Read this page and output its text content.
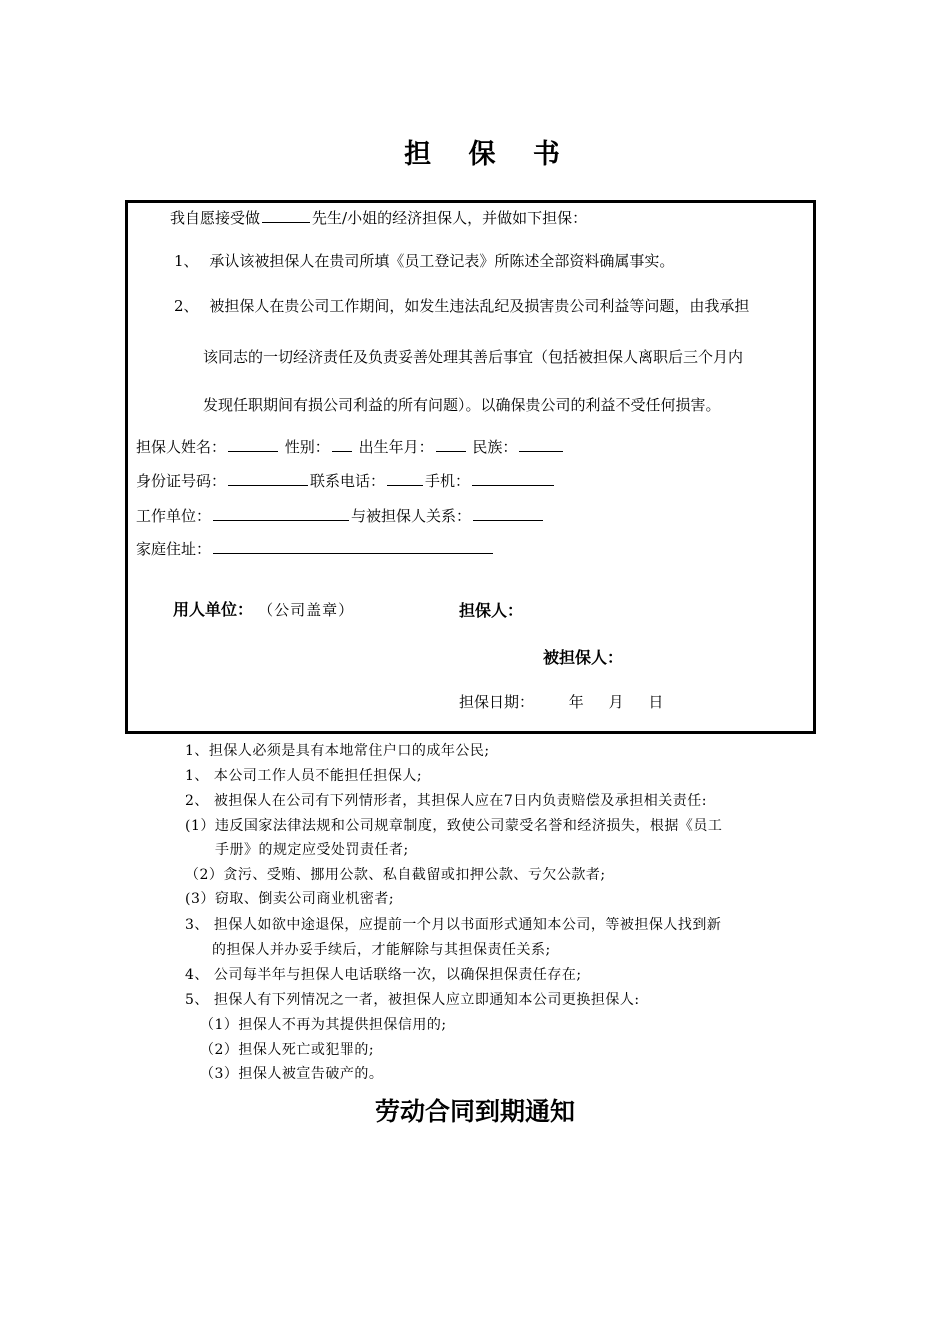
担 保 书
我自愿接受做	先生/小姐的经济担保人，并做如下担保：
1、 承认该被担保人在贵司所填《员工登记表》所陈述全部资料确属事实。
2、 被担保人在贵公司工作期间，如发生违法乱纪及损害贵公司利益等问题，由我承担
该同志的一切经济责任及负责妥善处理其善后事宜（包括被担保人离职后三个月内
发现任职期间有损公司利益的所有问题）。以确保贵公司的利益不受任何损害。
担保人姓名：	性别： 出生年月：	民族：
身份证号码：	联系电话：	手机：
工作单位：	与被担保人关系：
家庭住址：
用人单位： （公司盖章）	担保人：
被担保人：
担保日期： 年 月 日
1、担保人必须是具有本地常住户口的成年公民;
1、 本公司工作人员不能担任担保人;
2、 被担保人在公司有下列情形者，其担保人应在7日内负责赔偿及承担相关责任:
(1）违反国家法律法规和公司规章制度，致使公司蒙受名誉和经济损失，根据《员工
手册》的规定应受处罚责任者;
（2）贪污、受贿、挪用公款、私自截留或扣押公款、亏欠公款者;
(3）窃取、倒卖公司商业机密者;
3、 担保人如欲中途退保，应提前一个月以书面形式通知本公司，等被担保人找到新
的担保人并办妥手续后，才能解除与其担保责任关系;
4、 公司每半年与担保人电话联络一次，以确保担保责任存在;
5、 担保人有下列情况之一者，被担保人应立即通知本公司更换担保人:
（1）担保人不再为其提供担保信用的;
（2）担保人死亡或犯罪的;
（3）担保人被宣告破产的。
劳动合同到期通知
